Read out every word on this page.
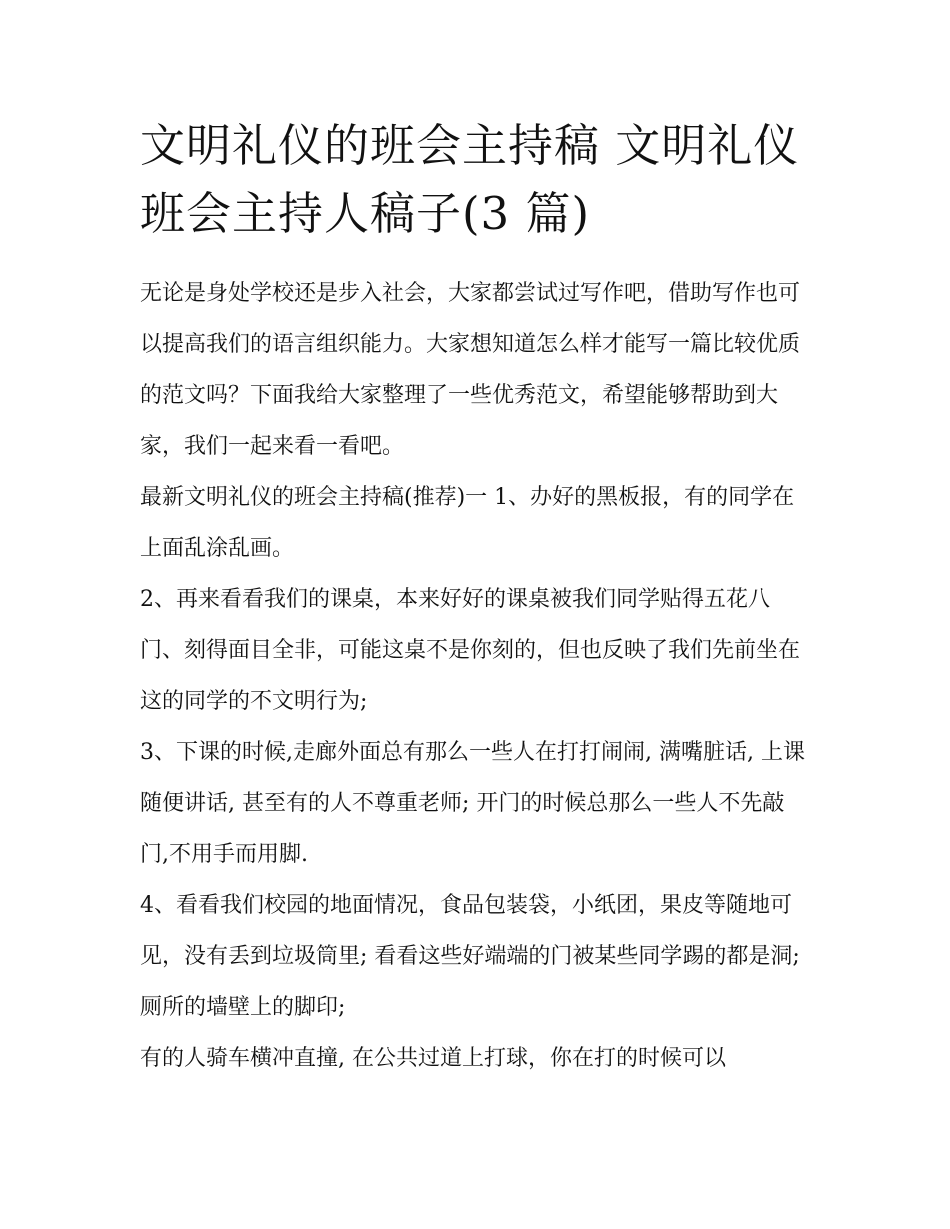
文明礼仪的班会主持稿 文明礼仪班会主持人稿子(3 篇)

无论是身处学校还是步入社会，大家都尝试过写作吧，借助写作也可以提高我们的语言组织能力。大家想知道怎么样才能写一篇比较优质的范文吗？下面我给大家整理了一些优秀范文，希望能够帮助到大家，我们一起来看一看吧。

最新文明礼仪的班会主持稿(推荐)一 1、办好的黑板报，有的同学在上面乱涂乱画。

2、再来看看我们的课桌，本来好好的课桌被我们同学贴得五花八门、刻得面目全非，可能这桌不是你刻的，但也反映了我们先前坐在这的同学的不文明行为;

3、下课的时候,走廊外面总有那么一些人在打打闹闹, 满嘴脏话, 上课随便讲话, 甚至有的人不尊重老师; 开门的时候总那么一些人不先敲门,不用手而用脚.

4、看看我们校园的地面情况，食品包装袋，小纸团，果皮等随地可见，没有丢到垃圾筒里; 看看这些好端端的门被某些同学踢的都是洞;厕所的墙壁上的脚印;

有的人骑车横冲直撞, 在公共过道上打球，你在打的时候可以
